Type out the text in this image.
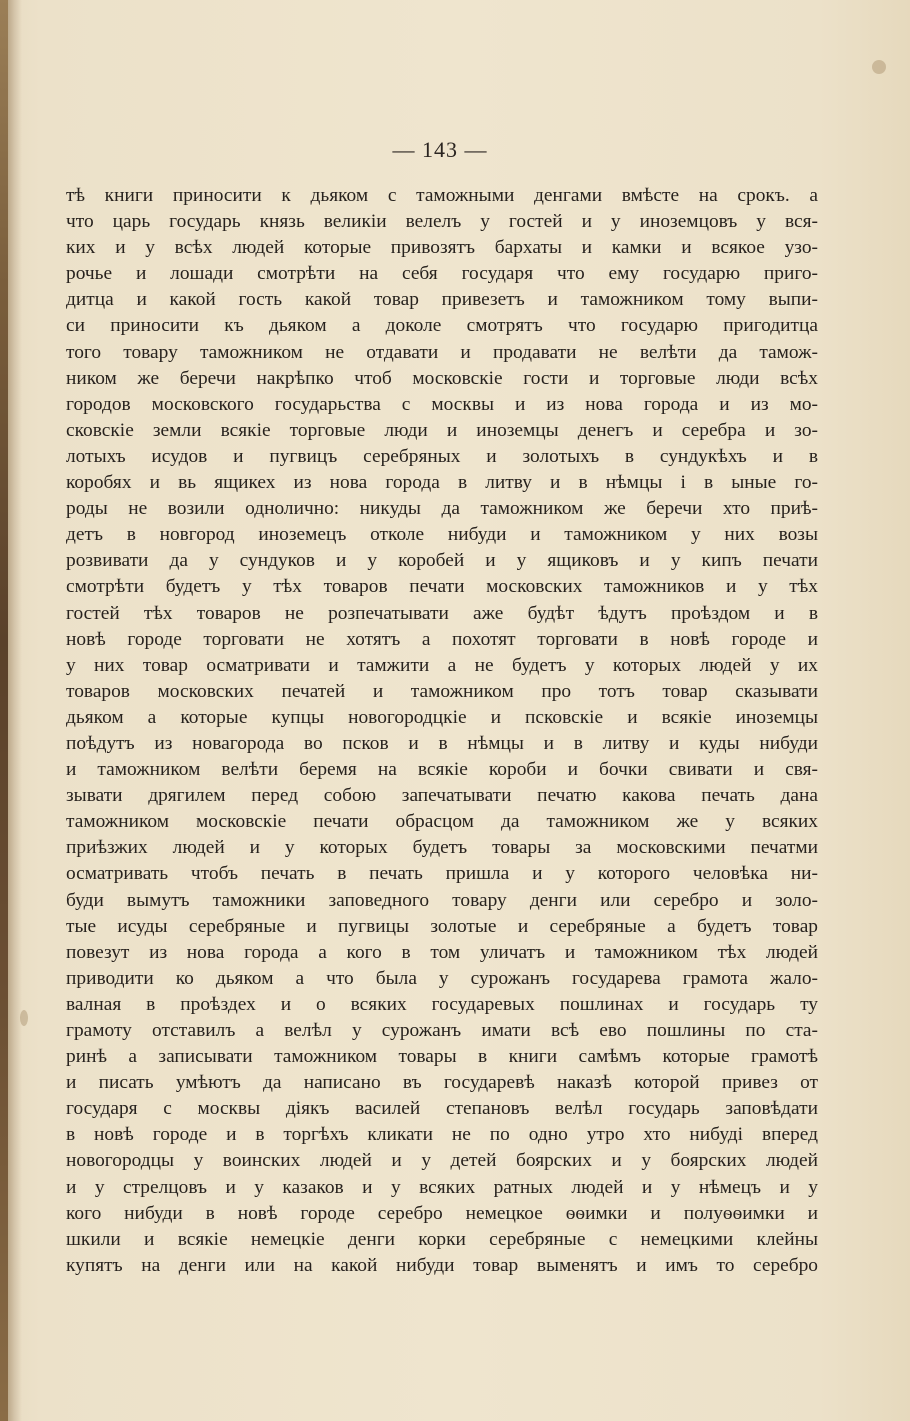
— 143 —
тѣ книги приносити к дьяком с таможными денгами вмѣсте на срокъ. а
что царь государь князь великiи велелъ у гостей и у иноземцовъ у вся-
ких и у всѣх людей которые привозятъ бархаты и камки и всякое узо-
рочье и лошади смотрѣти на себя государя что ему государю приго-
дитца и какой гость какой товар привезетъ и таможником тому выпи-
си приносити къ дьяком а доколе смотрятъ что государю пригодитца
того товару таможником не отдавати и продавати не велѣти да тамож-
ником же беречи накрѣпко чтоб московскiе гости и торговые люди всѣх
городов московского государьства с москвы и из нова города и из мо-
сковскiе земли всякiе торговые люди и иноземцы денегъ и серебра и зо-
лотыхъ исудов и пугвицъ серебряных и золотыхъ в сундукѣхъ и в
коробях и вь ящикех из нова города в литву и в нѣмцы i в ыные го-
роды не возили однолично: никуды да таможником же беречи хто приѣ-
детъ в новгород иноземецъ отколе нибуди и таможником у них возы
розвивати да у сундуков и у коробей и у ящиковъ и у кипъ печати
смотрѣти будетъ у тѣх товаров печати московских таможников и у тѣх
гостей тѣх товаров не розпечатывати аже будѣт ѣдутъ проѣздом и в
новѣ городе торговати не хотятъ а похотят торговати в новѣ городе и
у них товар осматривати и тамжити а не будетъ у которых людей у их
товаров московских печатей и таможником про тотъ товар сказывати
дьяком а которые купцы новогородцкiе и псковскiе и всякiе иноземцы
поѣдутъ из новагорода во псков и в нѣмцы и в литву и куды нибуди
и таможником велѣти беремя на всякiе короби и бочки свивати и свя-
зывати дрягилем перед собою запечатывати печатю какова печать дана
таможником московскiе печати обрасцом да таможником же у всяких
приѣзжих людей и у которых будетъ товары за московскими печатми
осматривать чтобъ печать в печать пришла и у которого человѣка ни-
буди вымутъ таможники заповедного товару денги или серебро и золо-
тые исуды серебряные и пугвицы золотые и серебряные а будетъ товар
повезут из нова города а кого в том уличатъ и таможником тѣх людей
приводити ко дьяком а что была у сурожанъ государева грамота жало-
валная в проѣздех и о всяких государевых пошлинах и государь ту
грамоту отставилъ а велѣл у сурожанъ имати всѣ ево пошлины по ста-
ринѣ а записывати таможником товары в книги самѣмъ которые грамотѣ
и писать умѣютъ да написано въ государевѣ наказѣ которой привез от
государя с москвы дiякъ василей степановъ велѣл государь заповѣдати
в новѣ городе и в торгѣхъ кликати не по одно утро хто нибудi вперед
новогородцы у воинских людей и у детей боярских и у боярских людей
и у стрелцовъ и у казаков и у всяких ратных людей и у нѣмецъ и у
кого нибуди в новѣ городе серебро немецкое ѳѳимки и полуѳѳимки и
шкили и всякiе немецкiе денги корки серебряные с немецкими клейны
купятъ на денги или на какой нибуди товар выменятъ и имъ то серебро
